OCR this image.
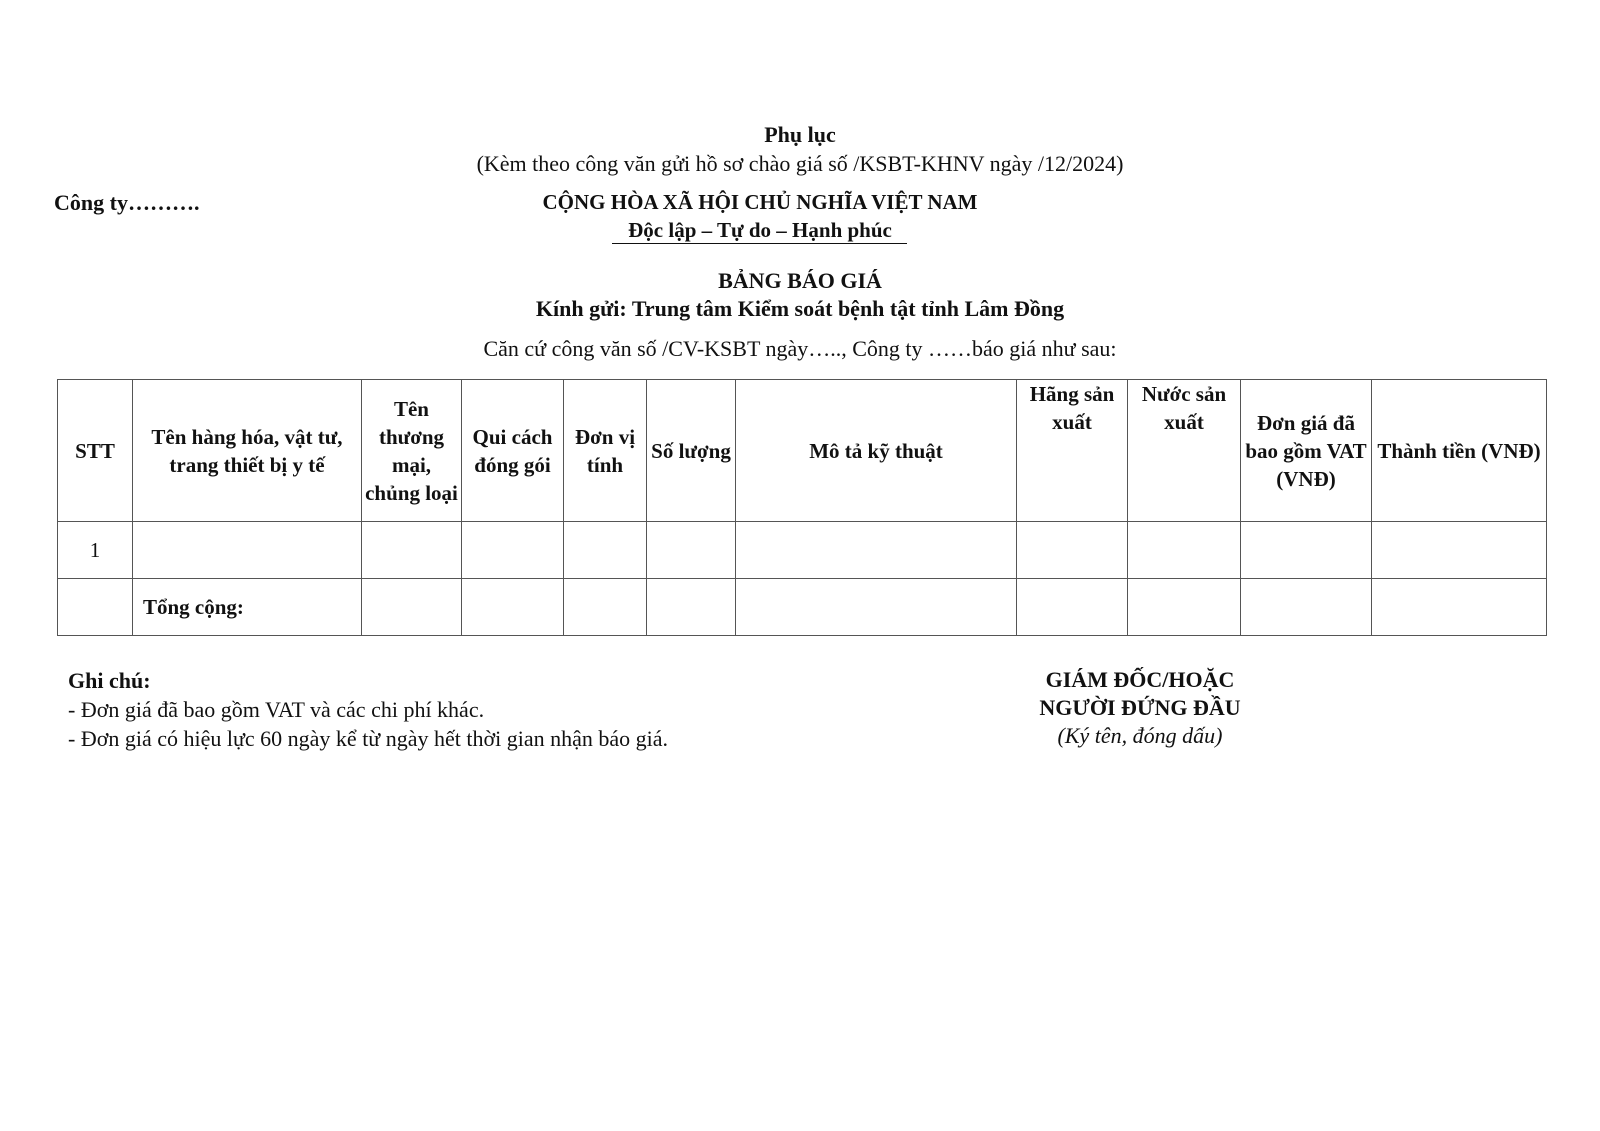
Phụ lục
(Kèm theo công văn gửi hồ sơ chào giá số /KSBT-KHNV ngày /12/2024)
Công ty……….	CỘNG HÒA XÃ HỘI CHỦ NGHĨA VIỆT NAM
Độc lập – Tự do – Hạnh phúc
BẢNG BÁO GIÁ
Kính gửi: Trung tâm Kiểm soát bệnh tật tỉnh Lâm Đồng
Căn cứ công văn số /CV-KSBT ngày….., Công ty ……báo giá như sau:
STT	Tên hàng hóa, vật tư, trang thiết bị y tế	Tên thương mại, chủng loại	Qui cách đóng gói	Đơn vị tính	Số lượng	Mô tả kỹ thuật	Hãng sản xuất	Nước sản xuất	Đơn giá đã bao gồm VAT (VNĐ)	Thành tiền (VNĐ)
1										
	Tổng cộng:									
Ghi chú:
- Đơn giá đã bao gồm VAT và các chi phí khác.
- Đơn giá có hiệu lực 60 ngày kể từ ngày hết thời gian nhận báo giá.
GIÁM ĐỐC/HOẶC
NGƯỜI ĐỨNG ĐẦU
(Ký tên, đóng dấu)
